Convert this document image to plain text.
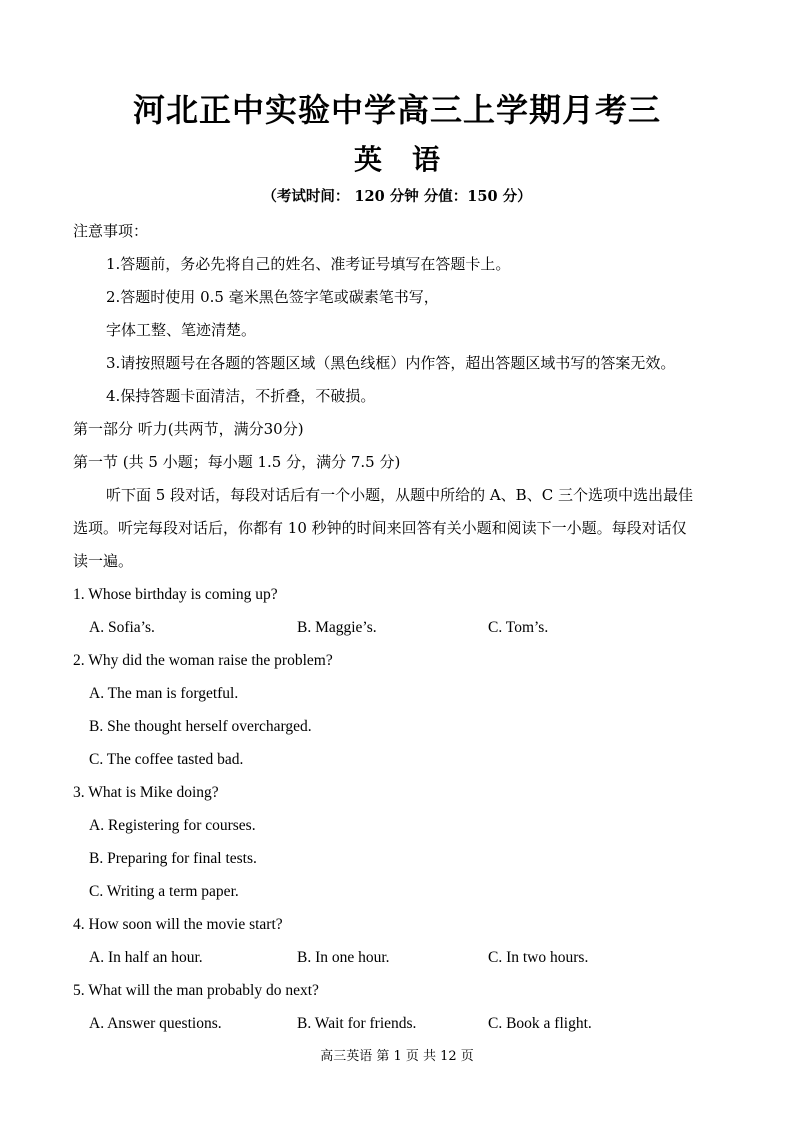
河北正中实验中学高三上学期月考三
英语
（考试时间： 120 分钟 分值：150 分）
注意事项：
1.答题前，务必先将自己的姓名、准考证号填写在答题卡上。
2.答题时使用 0.5 毫米黑色签字笔或碳素笔书写，
字体工整、笔迹清楚。
3.请按照题号在各题的答题区域（黑色线框）内作答，超出答题区域书写的答案无效。
4.保持答题卡面清洁，不折叠，不破损。
第一部分 听力(共两节，满分30分)
第一节 (共 5 小题；每小题 1.5 分，满分 7.5 分)
听下面 5 段对话，每段对话后有一个小题，从题中所给的 A、B、C 三个选项中选出最佳
选项。听完每段对话后，你都有 10 秒钟的时间来回答有关小题和阅读下一小题。每段对话仅
读一遍。
1. Whose birthday is coming up?
A. Sofia’s.	B. Maggie’s.	C. Tom’s.
2. Why did the woman raise the problem?
A. The man is forgetful.
B. She thought herself overcharged.
C. The coffee tasted bad.
3. What is Mike doing?
A. Registering for courses.
B. Preparing for final tests.
C. Writing a term paper.
4. How soon will the movie start?
A. In half an hour.	B. In one hour.	C. In two hours.
5. What will the man probably do next?
A. Answer questions.	B. Wait for friends.	C. Book a flight.
高三英语 第 1 页 共 12 页
